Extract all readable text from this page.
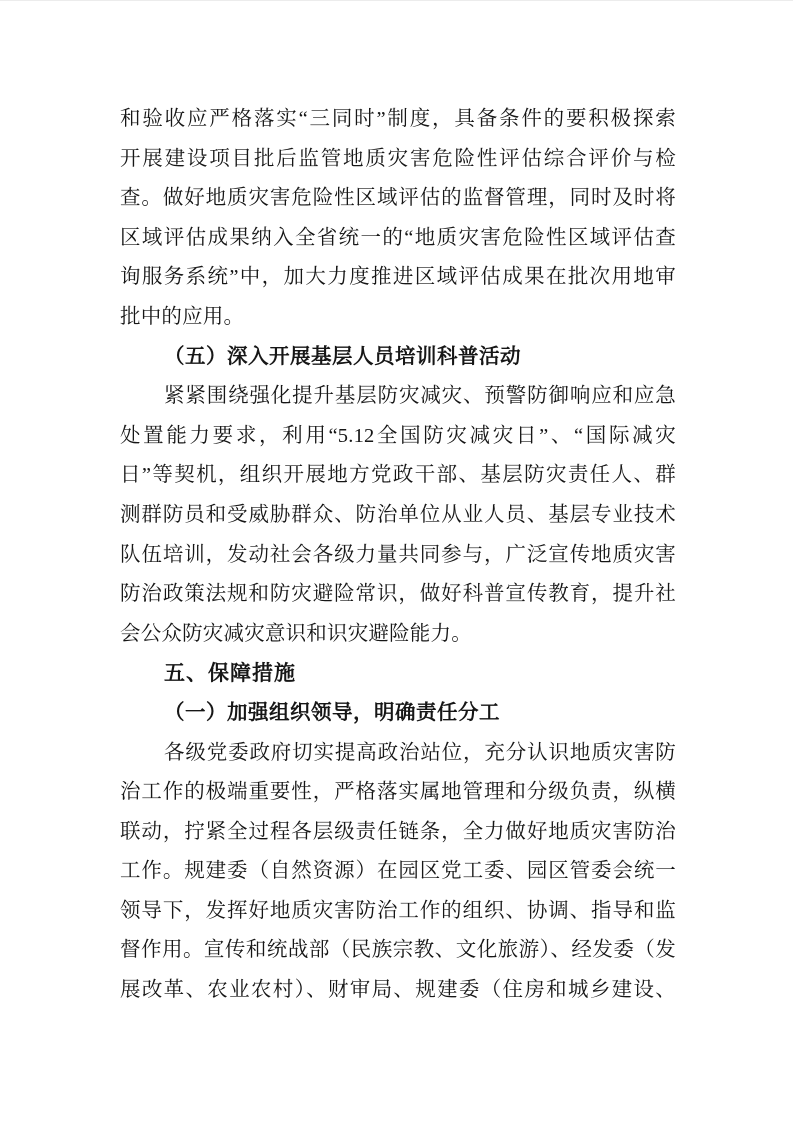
和验收应严格落实“三同时”制度，具备条件的要积极探索
开展建设项目批后监管地质灾害危险性评估综合评价与检
查。做好地质灾害危险性区域评估的监督管理，同时及时将
区域评估成果纳入全省统一的“地质灾害危险性区域评估查
询服务系统”中，加大力度推进区域评估成果在批次用地审
批中的应用。
（五）深入开展基层人员培训科普活动
紧紧围绕强化提升基层防灾减灾、预警防御响应和应急
处置能力要求，利用“5.12全国防灾减灾日”、“国际减灾
日”等契机，组织开展地方党政干部、基层防灾责任人、群
测群防员和受威胁群众、防治单位从业人员、基层专业技术
队伍培训，发动社会各级力量共同参与，广泛宣传地质灾害
防治政策法规和防灾避险常识，做好科普宣传教育，提升社
会公众防灾减灾意识和识灾避险能力。
五、保障措施
（一）加强组织领导，明确责任分工
各级党委政府切实提高政治站位，充分认识地质灾害防
治工作的极端重要性，严格落实属地管理和分级负责，纵横
联动，拧紧全过程各层级责任链条，全力做好地质灾害防治
工作。规建委（自然资源）在园区党工委、园区管委会统一
领导下，发挥好地质灾害防治工作的组织、协调、指导和监
督作用。宣传和统战部（民族宗教、文化旅游）、经发委（发
展改革、农业农村）、财审局、规建委（住房和城乡建设、
